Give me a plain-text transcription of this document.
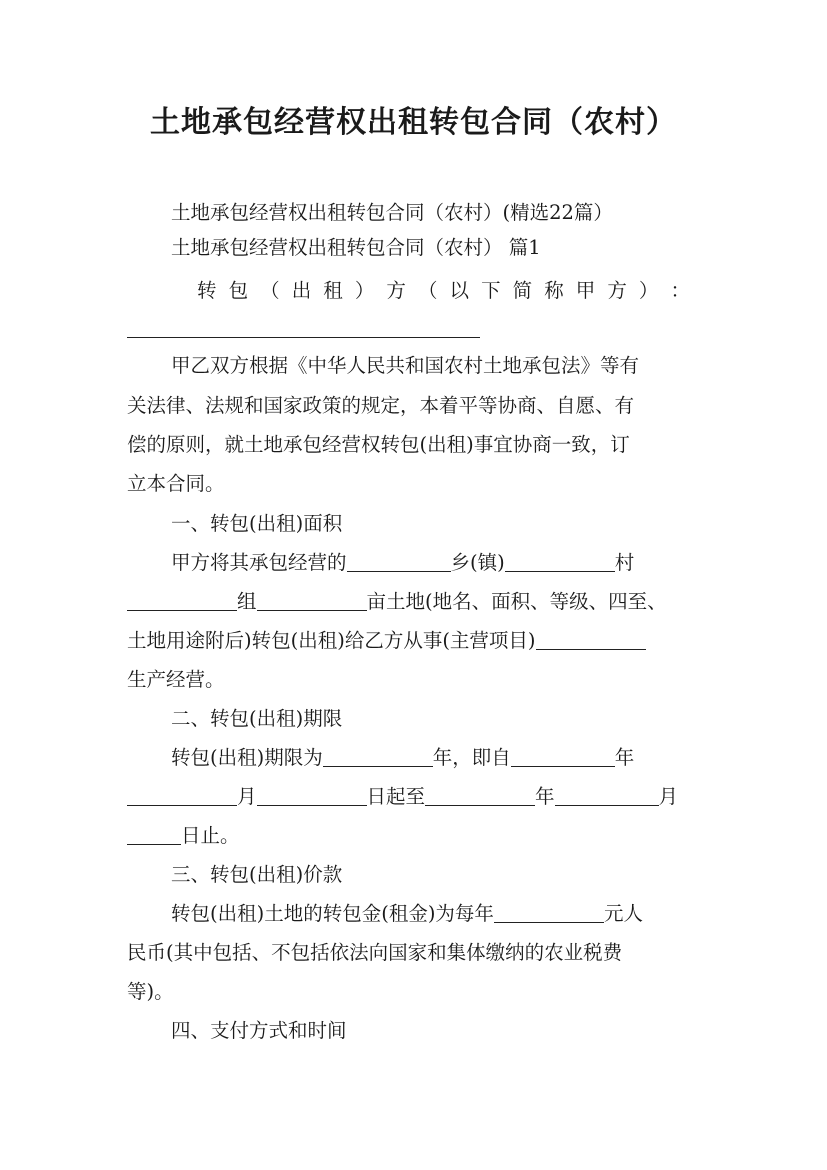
土地承包经营权出租转包合同（农村）
土地承包经营权出租转包合同（农村）(精选22篇）
土地承包经营权出租转包合同（农村） 篇1
转 包 （ 出 租 ） 方 （ 以 下 简 称 甲 方 ） ：
甲乙双方根据《中华人民共和国农村土地承包法》等有
关法律、法规和国家政策的规定，本着平等协商、自愿、有
偿的原则，就土地承包经营权转包(出租)事宜协商一致，订
立本合同。
一、转包(出租)面积
甲方将其承包经营的	乡(镇)	村
组	亩土地(地名、面积、等级、四至、
土地用途附后)转包(出租)给乙方从事(主营项目)
生产经营。
二、转包(出租)期限
转包(出租)期限为	年，即自	年
月	日起至	年	月
日止。
三、转包(出租)价款
转包(出租)土地的转包金(租金)为每年	元人
民币(其中包括、不包括依法向国家和集体缴纳的农业税费
等)。
四、支付方式和时间
